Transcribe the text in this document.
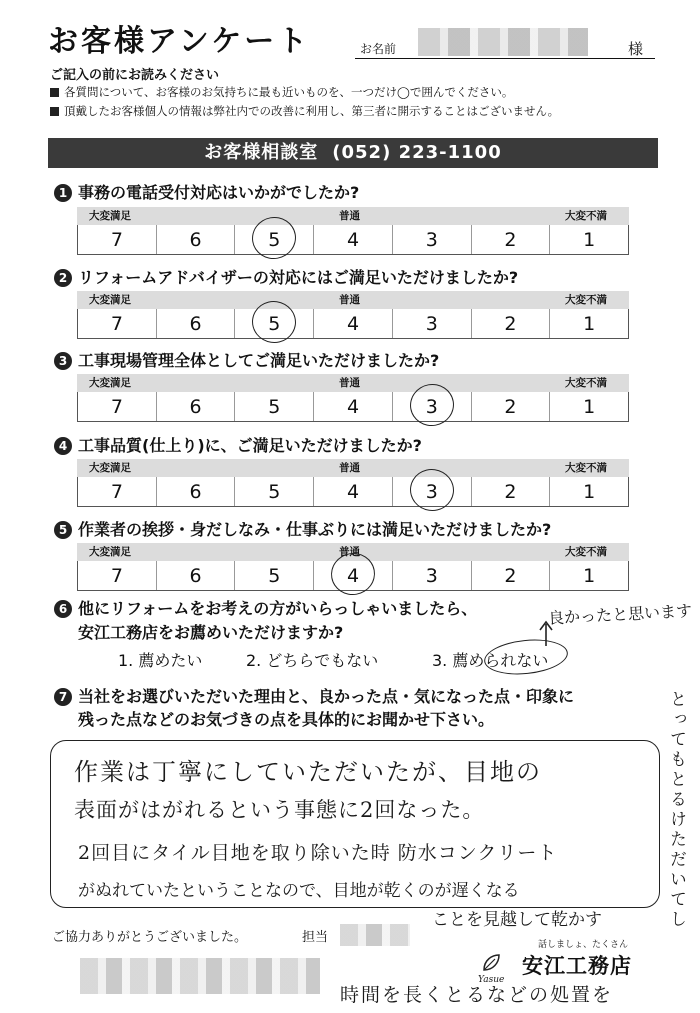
お客様アンケート	お名前	様
ご記入の前にお読みください
各質問について、お客様のお気持ちに最も近いものを、一つだけ◯で囲んでください。
頂戴したお客様個人の情報は弊社内での改善に利用し、第三者に開示することはございません。
お客様相談室 (052) 223-1100
1 事務の電話受付対応はいかがでしたか?
大変満足	普通	大変不満
7	6	5	4	3	2	1
2 リフォームアドバイザーの対応にはご満足いただけましたか?
大変満足	普通	大変不満
7	6	5	4	3	2	1
3 工事現場管理全体としてご満足いただけましたか?
大変満足	普通	大変不満
7	6	5	4	3	2	1
4 工事品質(仕上り)に、ご満足いただけましたか?
大変満足	普通	大変不満
7	6	5	4	3	2	1
5 作業者の挨拶・身だしなみ・仕事ぶりには満足いただけましたか?
大変満足	普通	大変不満
7	6	5	4	3	2	1
6 他にリフォームをお考えの方がいらっしゃいましたら、
安江工務店をお薦めいただけますか?
1. 薦めたい	2. どちらでもない	3. 薦められない
良かったと思います
7 当社をお選びいただいた理由と、良かった点・気になった点・印象に
残った点などのお気づきの点を具体的にお聞かせ下さい。
作業は丁寧にしていただいたが、目地の
表面がはがれるという事態に2回なった。
2回目にタイル目地を取り除いた時 防水コンクリート
がぬれていたということなので、目地が乾くのが遅くなる
ことを見越して乾かす
時間を長くとるなどの処置を
とってもとるけただいてし
ご協力ありがとうございました。	担当	話しましょ、たくさん
Yasue
安江工務店
